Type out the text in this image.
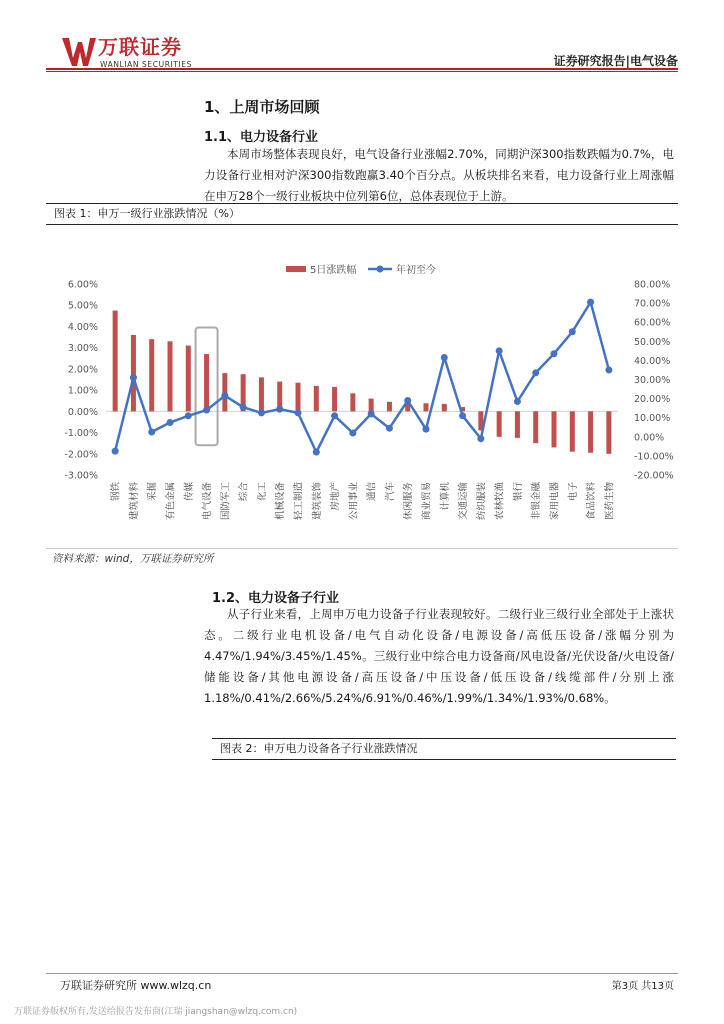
万联证券
WANLIAN SECURITIES	证券研究报告|电气设备
1、上周市场回顾
1.1、电力设备行业
本周市场整体表现良好，电气设备行业涨幅2.70%，同期沪深300指数跌幅为0.7%，电力设备行业相对沪深300指数跑赢3.40个百分点。从板块排名来看，电力设备行业上周涨幅在申万28个一级行业板块中位列第6位，总体表现位于上游。
图表 1：申万一级行业涨跌情况（%）
5日涨跌幅	年初至今
6.00%
5.00%
4.00%
3.00%
2.00%
1.00%
0.00%
-1.00%
-2.00%
-3.00%
80.00%
70.00%
60.00%
50.00%
40.00%
30.00%
20.00%
10.00%
0.00%
-10.00%
-20.00%
钢铁 建筑材料 采掘 有色金属 传媒 电气设备 国防军工 综合 化工 机械设备 轻工制造 建筑装饰 房地产 公用事业 通信 汽车 休闲服务 商业贸易 计算机 交通运输 纺织服装 农林牧渔 银行 非银金融 家用电器 电子 食品饮料 医药生物
资料来源：wind，万联证券研究所
1.2、电力设备子行业
从子行业来看，上周申万电力设备子行业表现较好。二级行业三级行业全部处于上涨状态。二级行业电机设备/电气自动化设备/电源设备/高低压设备/涨幅分别为4.47%/1.94%/3.45%/1.45%。三级行业中综合电力设备商/风电设备/光伏设备/火电设备/储能设备/其他电源设备/高压设备/中压设备/低压设备/线缆部件/分别上涨1.18%/0.41%/2.66%/5.24%/6.91%/0.46%/1.99%/1.34%/1.93%/0.68%。
图表 2：申万电力设备各子行业涨跌情况
万联证券研究所 www.wlzq.cn	第3页 共13页
万联证券版权所有,发送给报告发布商(江瑞 jiangshan@wlzq.com.cn)
